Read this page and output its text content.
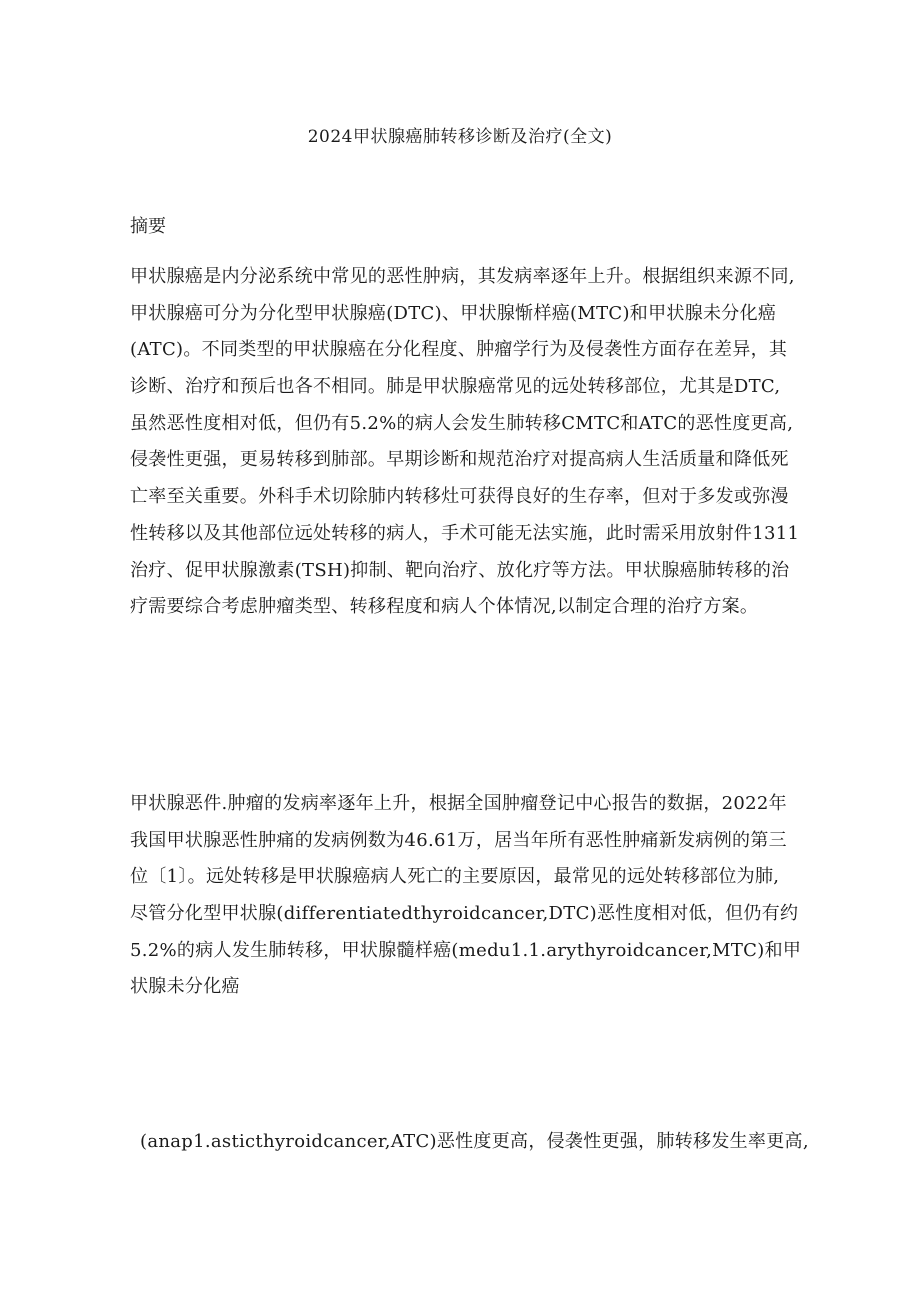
2024甲状腺癌肺转移诊断及治疗(全文)
摘要
甲状腺癌是内分泌系统中常见的恶性肿病，其发病率逐年上升。根据组织来源不同,
甲状腺癌可分为分化型甲状腺癌(DTC)、甲状腺惭样癌(MTC)和甲状腺未分化癌
(ATC)。不同类型的甲状腺癌在分化程度、肿瘤学行为及侵袭性方面存在差异，其
诊断、治疗和预后也各不相同。肺是甲状腺癌常见的远处转移部位，尤其是DTC,
虽然恶性度相对低，但仍有5.2%的病人会发生肺转移CMTC和ATC的恶性度更高,
侵袭性更强，更易转移到肺部。早期诊断和规范治疗对提高病人生活质量和降低死
亡率至关重要。外科手术切除肺内转移灶可获得良好的生存率，但对于多发或弥漫
性转移以及其他部位远处转移的病人，手术可能无法实施，此时需采用放射件1311
治疗、促甲状腺激素(TSH)抑制、靶向治疗、放化疗等方法。甲状腺癌肺转移的治
疗需要综合考虑肿瘤类型、转移程度和病人个体情况,以制定合理的治疗方案。
甲状腺恶件.肿瘤的发病率逐年上升，根据全国肿瘤登记中心报告的数据，2022年
我国甲状腺恶性肿痛的发病例数为46.61万，居当年所有恶性肿痛新发病例的第三
位〔1〕。远处转移是甲状腺癌病人死亡的主要原因，最常见的远处转移部位为肺,
尽管分化型甲状腺(differentiatedthyroidcancer,DTC)恶性度相对低，但仍有约
5.2%的病人发生肺转移，甲状腺髓样癌(medu1.1.arythyroidcancer,MTC)和甲
状腺未分化癌
(anap1.asticthyroidcancer,ATC)恶性度更高，侵袭性更强，肺转移发生率更高,
